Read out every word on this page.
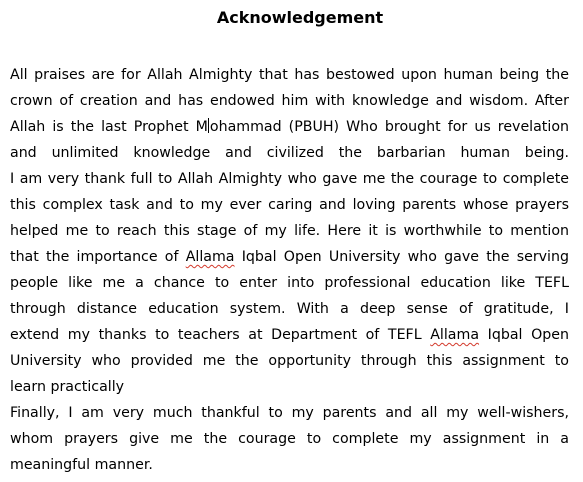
Acknowledgement
All praises are for Allah Almighty that has bestowed upon human being the
crown of creation and has endowed him with knowledge and wisdom. After
Allah is the last Prophet M ohammad (PBUH) Who brought for us revelation
and unlimited knowledge and civilized the barbarian human being.
I am very thank full to Allah Almighty who gave me the courage to complete
this complex task and to my ever caring and loving parents whose prayers
helped me to reach this stage of my life. Here it is worthwhile to mention
that the importance of Allama Iqbal Open University who gave the serving
people like me a chance to enter into professional education like TEFL
through distance education system. With a deep sense of gratitude, I
extend my thanks to teachers at Department of TEFL Allama Iqbal Open
University who provided me the opportunity through this assignment to
learn practically
Finally, I am very much thankful to my parents and all my well-wishers,
whom prayers give me the courage to complete my assignment in a
meaningful manner.
